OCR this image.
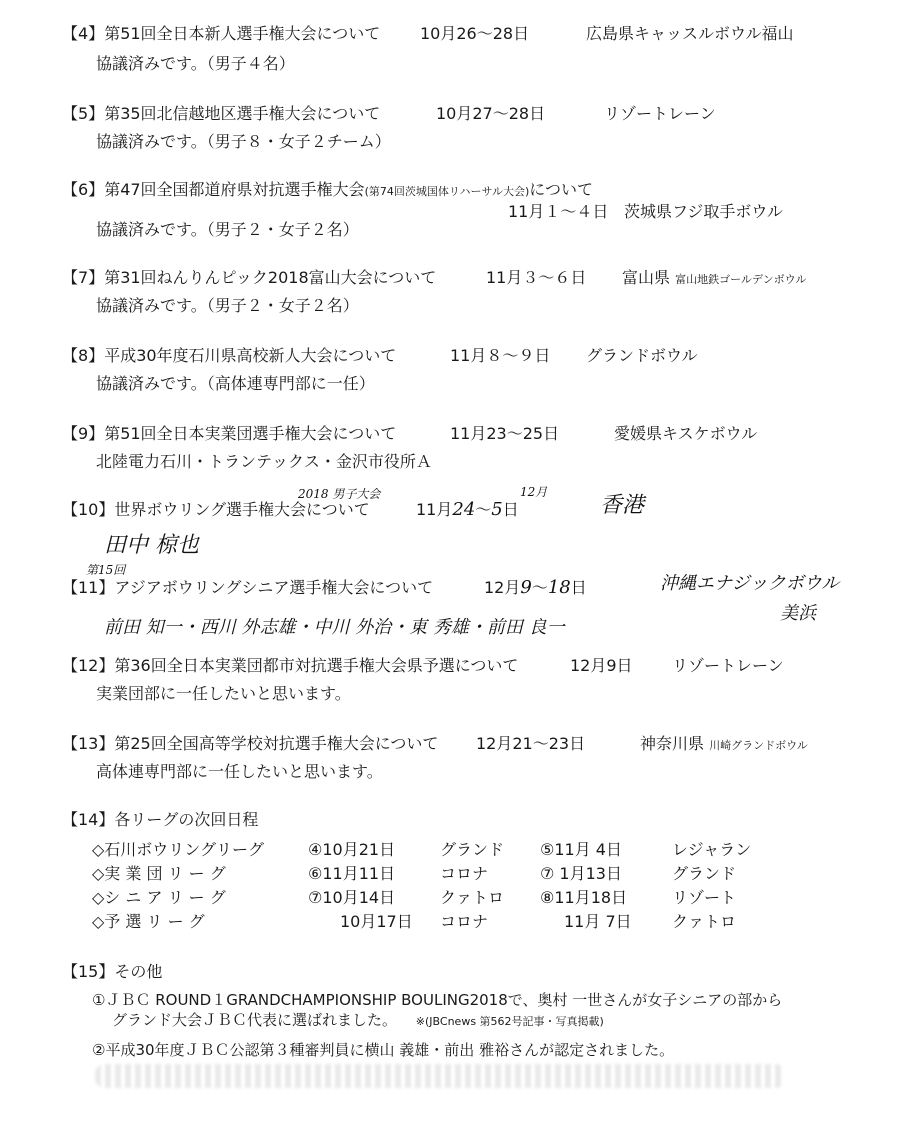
【4】第51回全日本新人選手権大会について 10月26～28日	広島県キャッスルボウル福山
協議済みです。（男子４名）
【5】第35回北信越地区選手権大会について	10月27～28日	リゾートレーン
協議済みです。（男子８・女子２チーム）
【6】第47回全国都道府県対抗選手権大会(第74回茨城国体リハーサル大会)について
11月１～４日 茨城県フジ取手ボウル
協議済みです。（男子２・女子２名）
【7】第31回ねんりんピック2018富山大会について	11月３～６日 富山県 富山地鉄ゴールデンボウル
協議済みです。（男子２・女子２名）
【8】平成30年度石川県高校新人大会について	11月８～９日 グランドボウル
協議済みです。（高体連専門部に一任）
【9】第51回全日本実業団選手権大会について	11月23～25日	愛媛県キスケボウル
北陸電力石川・トランテックス・金沢市役所Ａ
2018 男子大会	12月
【10】世界ボウリング選手権大会について	11月24～5日	香港
田中 椋也
第15回
【11】アジアボウリングシニア選手権大会について	12月9～18日	沖縄エナジックボウル
美浜
前田 知一・西川 外志雄・中川 外治・東 秀雄・前田 良一
【12】第36回全日本実業団都市対抗選手権大会県予選について	12月9日 リゾートレーン
実業団部に一任したいと思います。
【13】第25回全国高等学校対抗選手権大会について 12月21～23日	神奈川県 川崎グランドボウル
高体連専門部に一任したいと思います。
【14】各リーグの次回日程
◇石川ボウリングリーグ	④10月21日	グランド ⑤11月 4日	レジャラン
◇実 業 団 リ ー グ	⑥11月11日	コロナ	⑦ 1月13日	グランド
◇シ ニ ア リ ー グ	⑦10月14日	クァトロ ⑧11月18日	リゾート
◇予 選 リ ー グ	10月17日 コロナ	11月 7日	クァトロ
【15】その他
①ＪＢＣ ROUND１GRANDCHAMPIONSHIP BOULING2018で、奥村 一世さんが女子シニアの部から
グランド大会ＪＢＣ代表に選ばれました。 ※(JBCnews 第562号記事・写真掲載)
②平成30年度ＪＢＣ公認第３種審判員に横山 義雄・前出 雅裕さんが認定されました。
